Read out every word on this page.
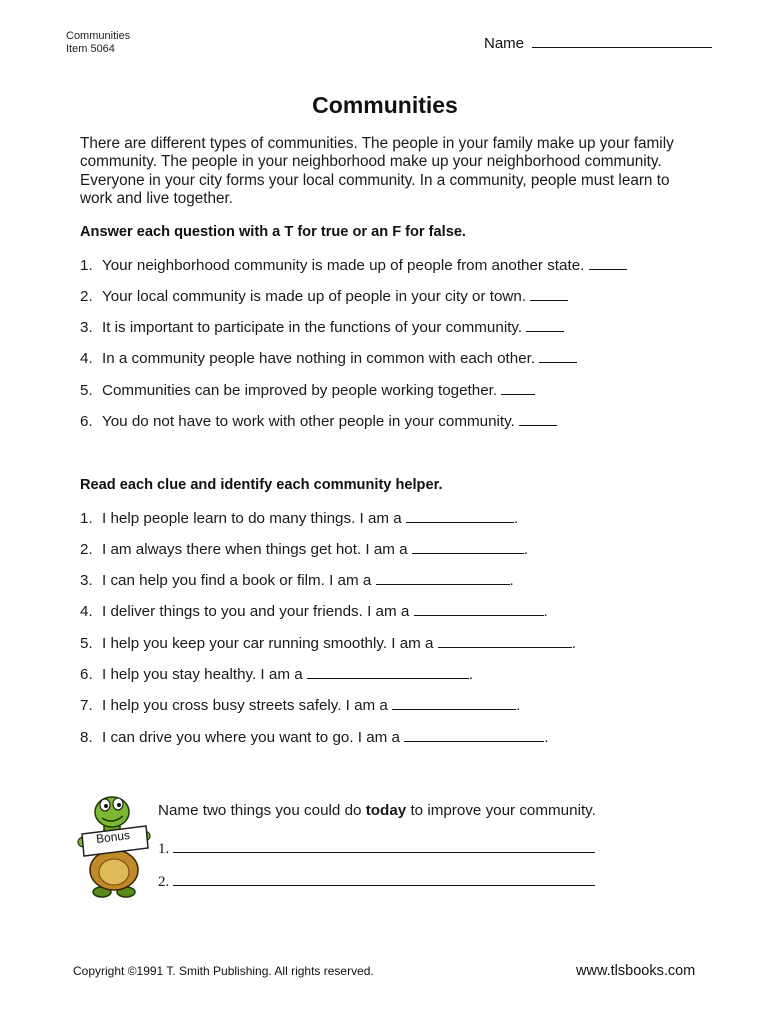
Communities
Item 5064	Name
Communities
There are different types of communities. The people in your family make up your family community. The people in your neighborhood make up your neighborhood community. Everyone in your city forms your local community. In a community, people must learn to work and live together.
Answer each question with a T for true or an F for false.
1. Your neighborhood community is made up of people from another state.
2. Your local community is made up of people in your city or town.
3. It is important to participate in the functions of your community.
4. In a community people have nothing in common with each other.
5. Communities can be improved by people working together.
6. You do not have to work with other people in your community.
Read each clue and identify each community helper.
1. I help people learn to do many things. I am a	.
2. I am always there when things get hot. I am a	.
3. I can help you find a book or film. I am a	.
4. I deliver things to you and your friends. I am a	.
5. I help you keep your car running smoothly. I am a	.
6. I help you stay healthy. I am a	.
7. I help you cross busy streets safely. I am a	.
8. I can drive you where you want to go. I am a	.
Bonus
Name two things you could do today to improve your community.
1.
2.
Copyright ©1991 T. Smith Publishing. All rights reserved.	www.tlsbooks.com
